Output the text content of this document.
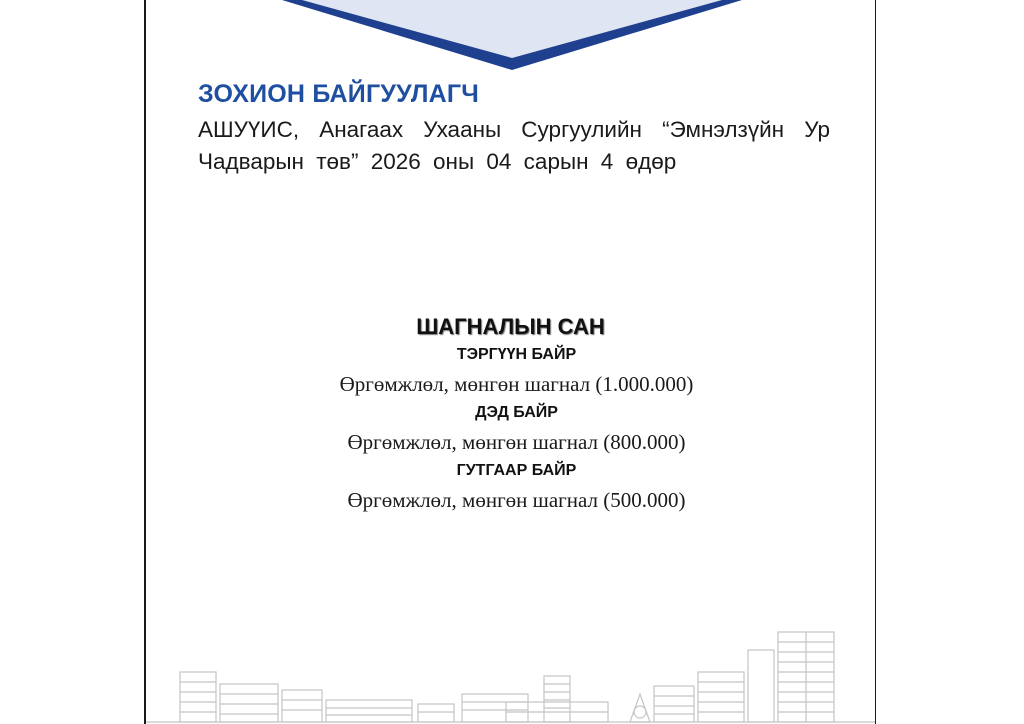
ЗОХИОН БАЙГУУЛАГЧ
АШУҮИС, Анагаах Ухааны Сургуулийн “Эмнэлзүйн Ур Чадварын төв” 2026 оны 04 сарын 4 өдөр

ШАГНАЛЫН САН

ТЭРГҮҮН БАЙР

Өргөмжлөл, мөнгөн шагнал (1.000.000)

ДЭД БАЙР

Өргөмжлөл, мөнгөн шагнал (800.000)

ГУТГААР БАЙР

Өргөмжлөл, мөнгөн шагнал (500.000)
